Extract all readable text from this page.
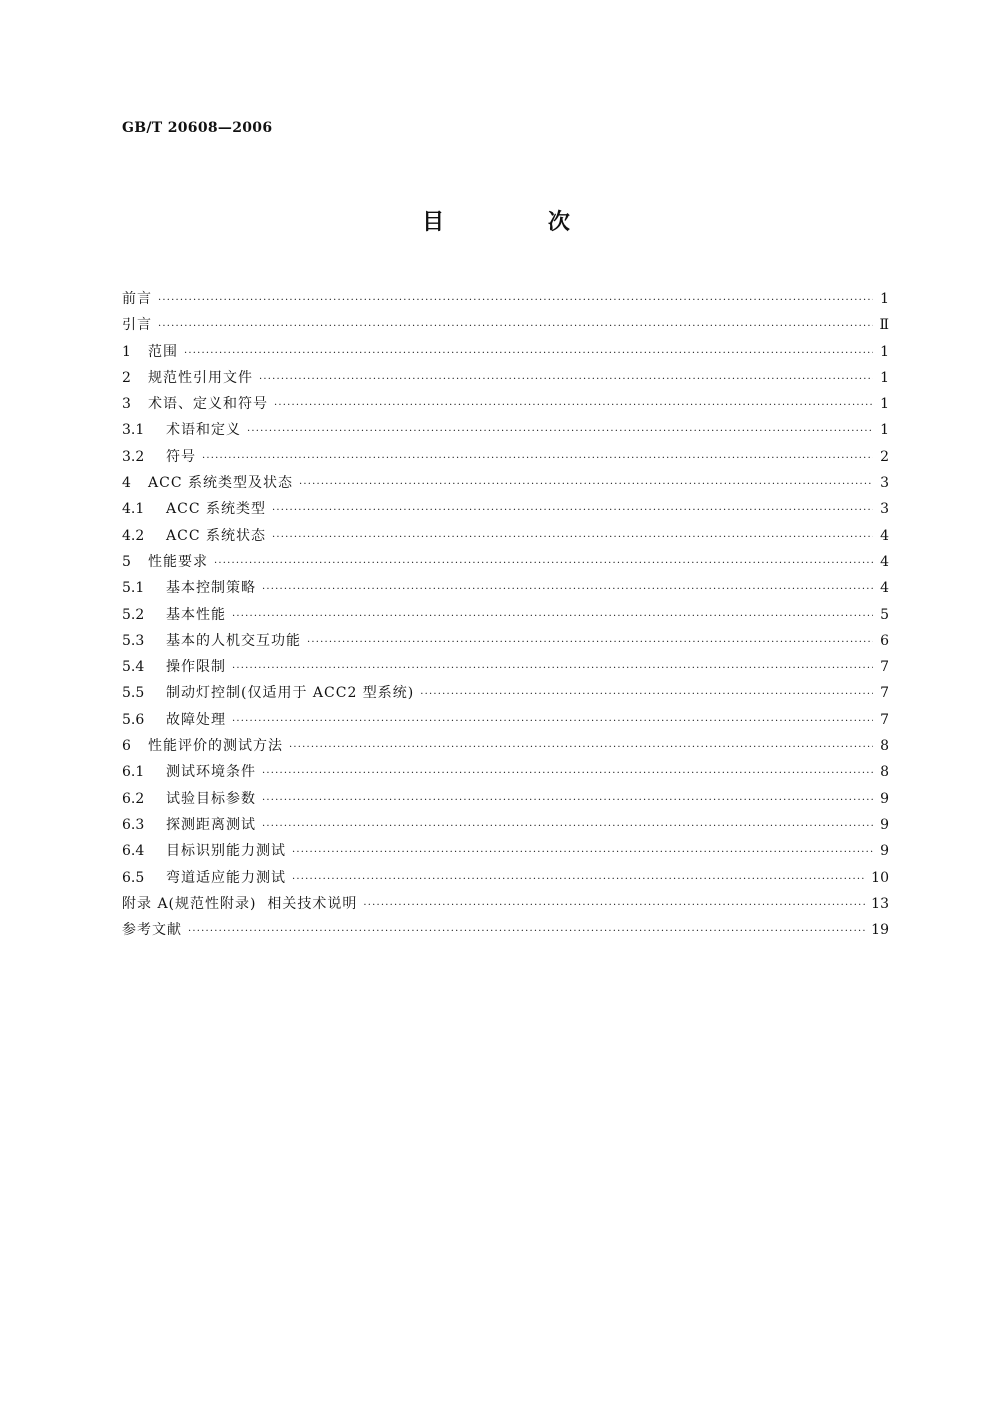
GB/T 20608—2006
目 次
前言 ·····	1
引言 ·····	Ⅱ
1	范围 ·····	1
2	规范性引用文件 ·····	1
3	术语、定义和符号 ·····	1
3.1	术语和定义 ·····	1
3.2	符号 ·····	2
4	ACC 系统类型及状态 ·····	3
4.1	ACC 系统类型 ·····	3
4.2	ACC 系统状态 ·····	4
5	性能要求 ·····	4
5.1	基本控制策略 ·····	4
5.2	基本性能 ·····	5
5.3	基本的人机交互功能 ·····	6
5.4	操作限制 ·····	7
5.5	制动灯控制(仅适用于 ACC2 型系统) ·····	7
5.6	故障处理 ·····	7
6	性能评价的测试方法 ·····	8
6.1	测试环境条件 ·····	8
6.2	试验目标参数 ·····	9
6.3	探测距离测试 ·····	9
6.4	目标识别能力测试 ·····	9
6.5	弯道适应能力测试 ·····	10
附录 A(规范性附录)  相关技术说明 ·····	13
参考文献 ·····	19
